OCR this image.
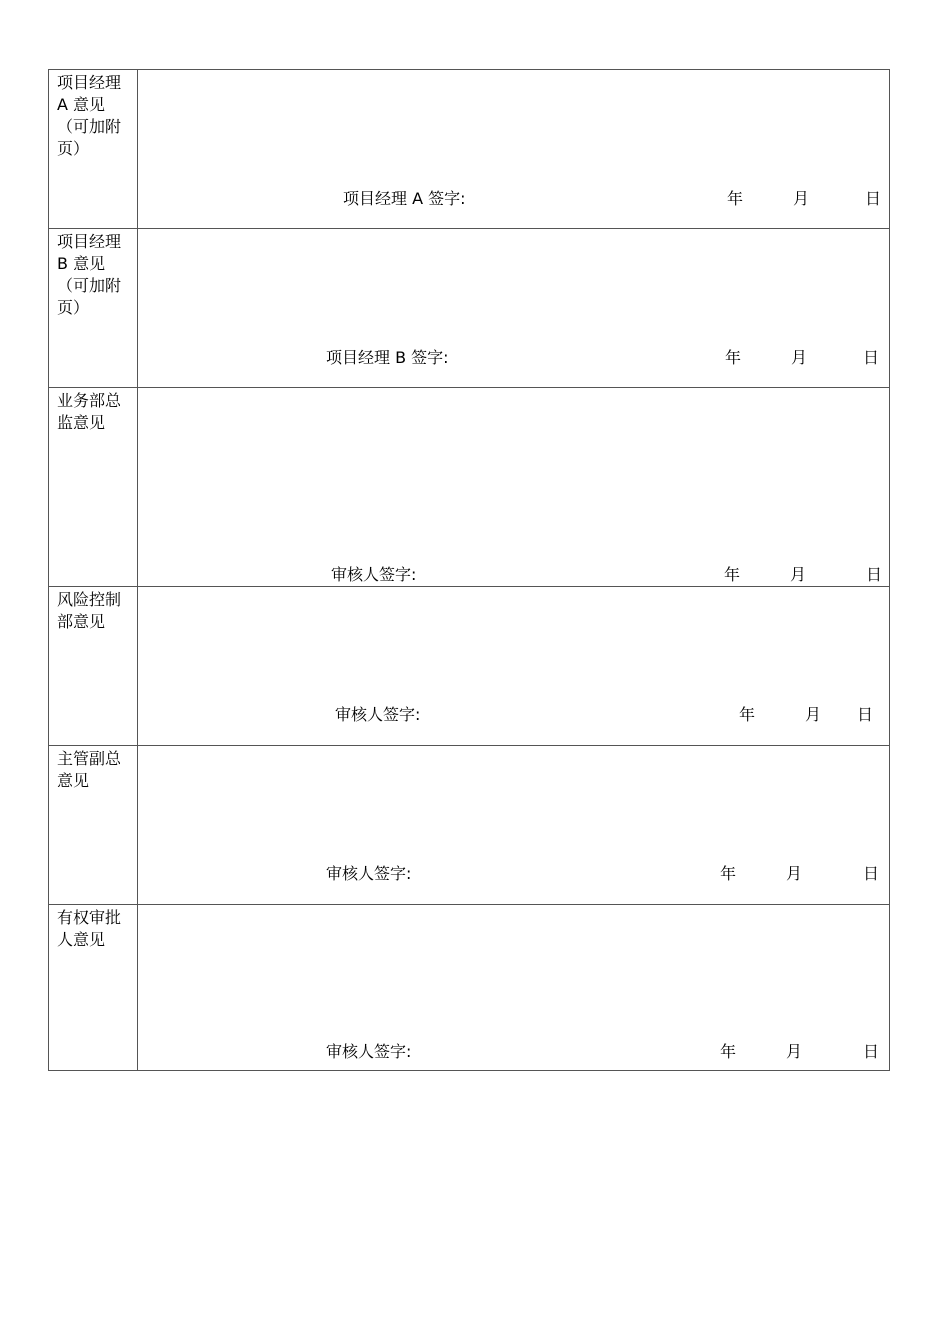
项目经理
A 意见
（可加附
页）	项目经理 A 签字: 年 月 日

项目经理
B 意见
（可加附
页）	项目经理 B 签字: 年 月 日

业务部总
监意见	审核人签字: 年 月 日

风险控制
部意见	审核人签字: 年 月 日

主管副总
意见	审核人签字: 年 月 日

有权审批
人意见	审核人签字: 年 月 日
